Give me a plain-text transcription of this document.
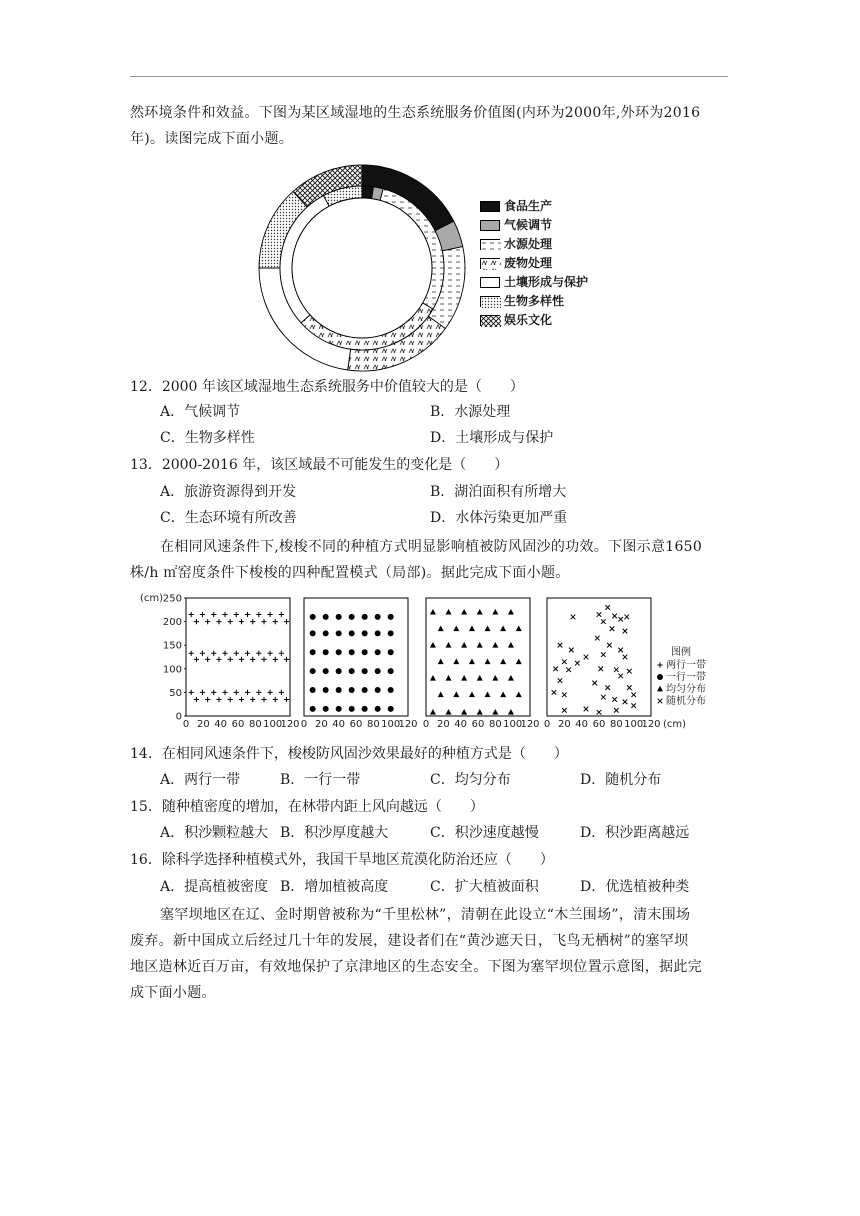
然环境条件和效益。下图为某区域湿地的生态系统服务价值图(内环为2000年,外环为2016
年)。读图完成下面小题。
食品生产
气候调节
水源处理
废物处理
土壤形成与保护
生物多样性
娱乐文化
12．2000 年该区域湿地生态系统服务中价值较大的是（　　）
A．气候调节	B．水源处理
C．生物多样性	D．土壤形成与保护
13．2000-2016 年，该区域最不可能发生的变化是（　　）
A．旅游资源得到开发	B．湖泊面积有所增大
C．生态环境有所改善	D．水体污染更加严重
在相同风速条件下,梭梭不同的种植方式明显影响植被防风固沙的功效。下图示意1650
株/h ㎡窑度条件下梭梭的四种配置模式（局部)。据此完成下面小题。
(cm)
0
50
100
150
200
250
0 20 40 60 80 100
120 0 20 40 60 80 100
120 0 20 40 60 80 100
120 0 20 40 60 80 100
120 (cm)
图例
两行一带
一行一带
均匀分布
随机分布
14．在相同风速条件下，梭梭防风固沙效果最好的种植方式是（　　）
A．两行一带	B．一行一带	C．均匀分布	D．随机分布
15．随种植密度的增加，在林带内距上风向越远（　　）
A．积沙颗粒越大 B．积沙厚度越大	C．积沙速度越慢	D．积沙距离越远
16．除科学选择种植模式外，我国干旱地区荒漠化防治还应（　　）
A．提高植被密度 B．增加植被高度	C．扩大植被面积	D．优选植被种类
塞罕坝地区在辽、金时期曾被称为“千里松林”，清朝在此设立“木兰围场”，清末围场
废弃。新中国成立后经过几十年的发展，建设者们在“黄沙遮天日，飞鸟无栖树”的塞罕坝
地区造林近百万亩，有效地保护了京津地区的生态安全。下图为塞罕坝位置示意图，据此完
成下面小题。
